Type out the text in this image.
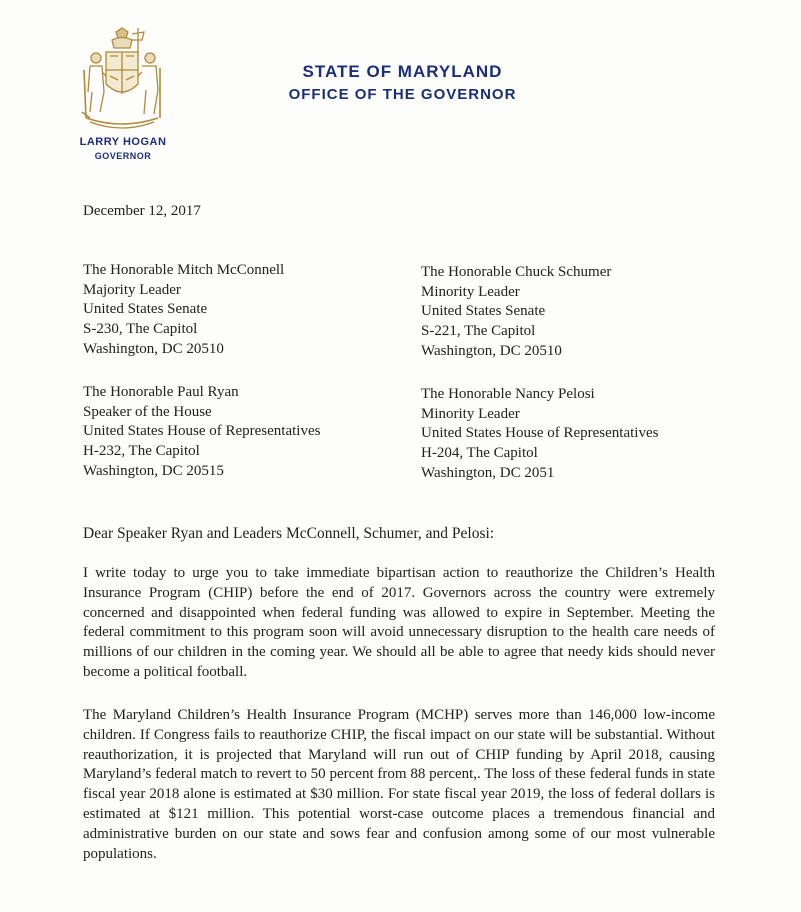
LARRY HOGAN
GOVERNOR
STATE OF MARYLAND
OFFICE OF THE GOVERNOR
December 12, 2017
The Honorable Mitch McConnell
Majority Leader
United States Senate
S-230, The Capitol
Washington, DC 20510
The Honorable Chuck Schumer
Minority Leader
United States Senate
S-221, The Capitol
Washington, DC 20510
The Honorable Paul Ryan
Speaker of the House
United States House of Representatives
H-232, The Capitol
Washington, DC 20515
The Honorable Nancy Pelosi
Minority Leader
United States House of Representatives
H-204, The Capitol
Washington, DC 2051
Dear Speaker Ryan and Leaders McConnell, Schumer, and Pelosi:

I write today to urge you to take immediate bipartisan action to reauthorize the Children’s Health Insurance Program (CHIP) before the end of 2017. Governors across the country were extremely concerned and disappointed when federal funding was allowed to expire in September. Meeting the federal commitment to this program soon will avoid unnecessary disruption to the health care needs of millions of our children in the coming year. We should all be able to agree that needy kids should never become a political football.

The Maryland Children’s Health Insurance Program (MCHP) serves more than 146,000 low-income children. If Congress fails to reauthorize CHIP, the fiscal impact on our state will be substantial. Without reauthorization, it is projected that Maryland will run out of CHIP funding by April 2018, causing Maryland’s federal match to revert to 50 percent from 88 percent,. The loss of these federal funds in state fiscal year 2018 alone is estimated at $30 million. For state fiscal year 2019, the loss of federal dollars is estimated at $121 million. This potential worst-case outcome places a tremendous financial and administrative burden on our state and sows fear and confusion among some of our most vulnerable populations.
